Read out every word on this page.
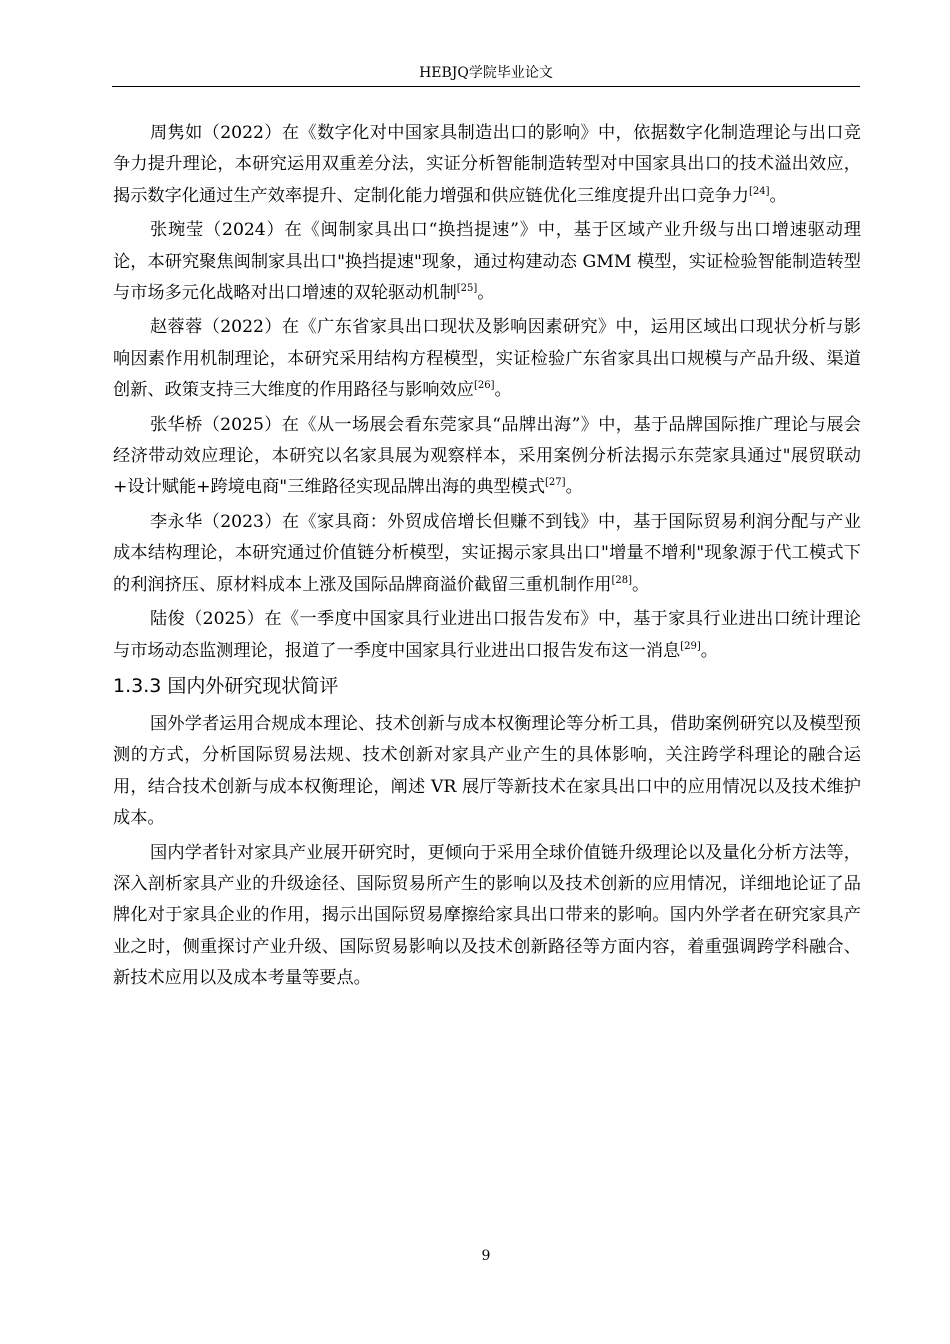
HEBJQ学院毕业论文

周隽如（2022）在《数字化对中国家具制造出口的影响》中，依据数字化制造理论与出口竞争力提升理论，本研究运用双重差分法，实证分析智能制造转型对中国家具出口的技术溢出效应，揭示数字化通过生产效率提升、定制化能力增强和供应链优化三维度提升出口竞争力[24]。

张琬莹（2024）在《闽制家具出口“换挡提速”》中，基于区域产业升级与出口增速驱动理论，本研究聚焦闽制家具出口"换挡提速"现象，通过构建动态 GMM 模型，实证检验智能制造转型与市场多元化战略对出口增速的双轮驱动机制[25]。

赵蓉蓉（2022）在《广东省家具出口现状及影响因素研究》中，运用区域出口现状分析与影响因素作用机制理论，本研究采用结构方程模型，实证检验广东省家具出口规模与产品升级、渠道创新、政策支持三大维度的作用路径与影响效应[26]。

张华桥（2025）在《从一场展会看东莞家具“品牌出海”》中，基于品牌国际推广理论与展会经济带动效应理论，本研究以名家具展为观察样本，采用案例分析法揭示东莞家具通过"展贸联动+设计赋能+跨境电商"三维路径实现品牌出海的典型模式[27]。

李永华（2023）在《家具商：外贸成倍增长但赚不到钱》中，基于国际贸易利润分配与产业成本结构理论，本研究通过价值链分析模型，实证揭示家具出口"增量不增利"现象源于代工模式下的利润挤压、原材料成本上涨及国际品牌商溢价截留三重机制作用[28]。

陆俊（2025）在《一季度中国家具行业进出口报告发布》中，基于家具行业进出口统计理论与市场动态监测理论，报道了一季度中国家具行业进出口报告发布这一消息[29]。

1.3.3 国内外研究现状简评

国外学者运用合规成本理论、技术创新与成本权衡理论等分析工具，借助案例研究以及模型预测的方式，分析国际贸易法规、技术创新对家具产业产生的具体影响，关注跨学科理论的融合运用，结合技术创新与成本权衡理论，阐述 VR 展厅等新技术在家具出口中的应用情况以及技术维护成本。

国内学者针对家具产业展开研究时，更倾向于采用全球价值链升级理论以及量化分析方法等，深入剖析家具产业的升级途径、国际贸易所产生的影响以及技术创新的应用情况，详细地论证了品牌化对于家具企业的作用，揭示出国际贸易摩擦给家具出口带来的影响。国内外学者在研究家具产业之时，侧重探讨产业升级、国际贸易影响以及技术创新路径等方面内容，着重强调跨学科融合、新技术应用以及成本考量等要点。

9
